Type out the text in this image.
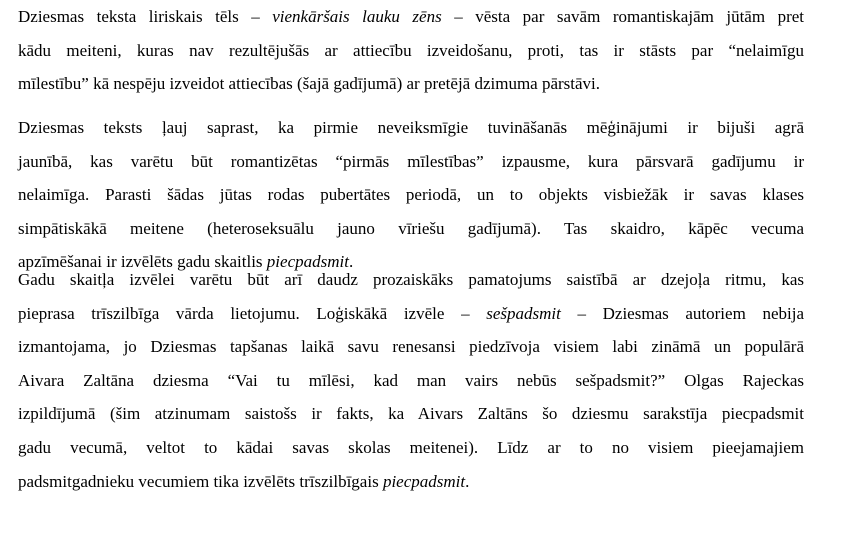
Dziesmas teksta liriskais tēls – vienkāršais lauku zēns – vēsta par savām romantiskajām jūtām pret
kādu meiteni, kuras nav rezultējušās ar attiecību izveidošanu, proti, tas ir stāsts par “nelaimīgu
mīlestību” kā nespēju izveidot attiecības (šajā gadījumā) ar pretējā dzimuma pārstāvi.
Dziesmas teksts ļauj saprast, ka pirmie neveiksmīgie tuvināšanās mēģinājumi ir bijuši agrā
jaunībā, kas varētu būt romantizētas “pirmās mīlestības” izpausme, kura pārsvarā gadījumu ir
nelaimīga. Parasti šādas jūtas rodas pubertātes periodā, un to objekts visbiežāk ir savas klases
simpātiskākā meitene (heteroseksuālu jauno vīriešu gadījumā). Tas skaidro, kāpēc vecuma
apzīmēšanai ir izvēlēts gadu skaitlis piecpadsmit.
Gadu skaitļa izvēlei varētu būt arī daudz prozaiskāks pamatojums saistībā ar dzejoļa ritmu, kas
pieprasa trīszilbīga vārda lietojumu. Loģiskākā izvēle – sešpadsmit – Dziesmas autoriem nebija
izmantojama, jo Dziesmas tapšanas laikā savu renesansi piedzīvoja visiem labi zināmā un populārā
Aivara Zaltāna dziesma “Vai tu mīlēsi, kad man vairs nebūs sešpadsmit?” Olgas Rajeckas
izpildījumā (šim atzinumam saistošs ir fakts, ka Aivars Zaltāns šo dziesmu sarakstīja piecpadsmit
gadu vecumā, veltot to kādai savas skolas meitenei). Līdz ar to no visiem pieejamajiem
padsmitgadnieku vecumiem tika izvēlēts trīszilbīgais piecpadsmit.
